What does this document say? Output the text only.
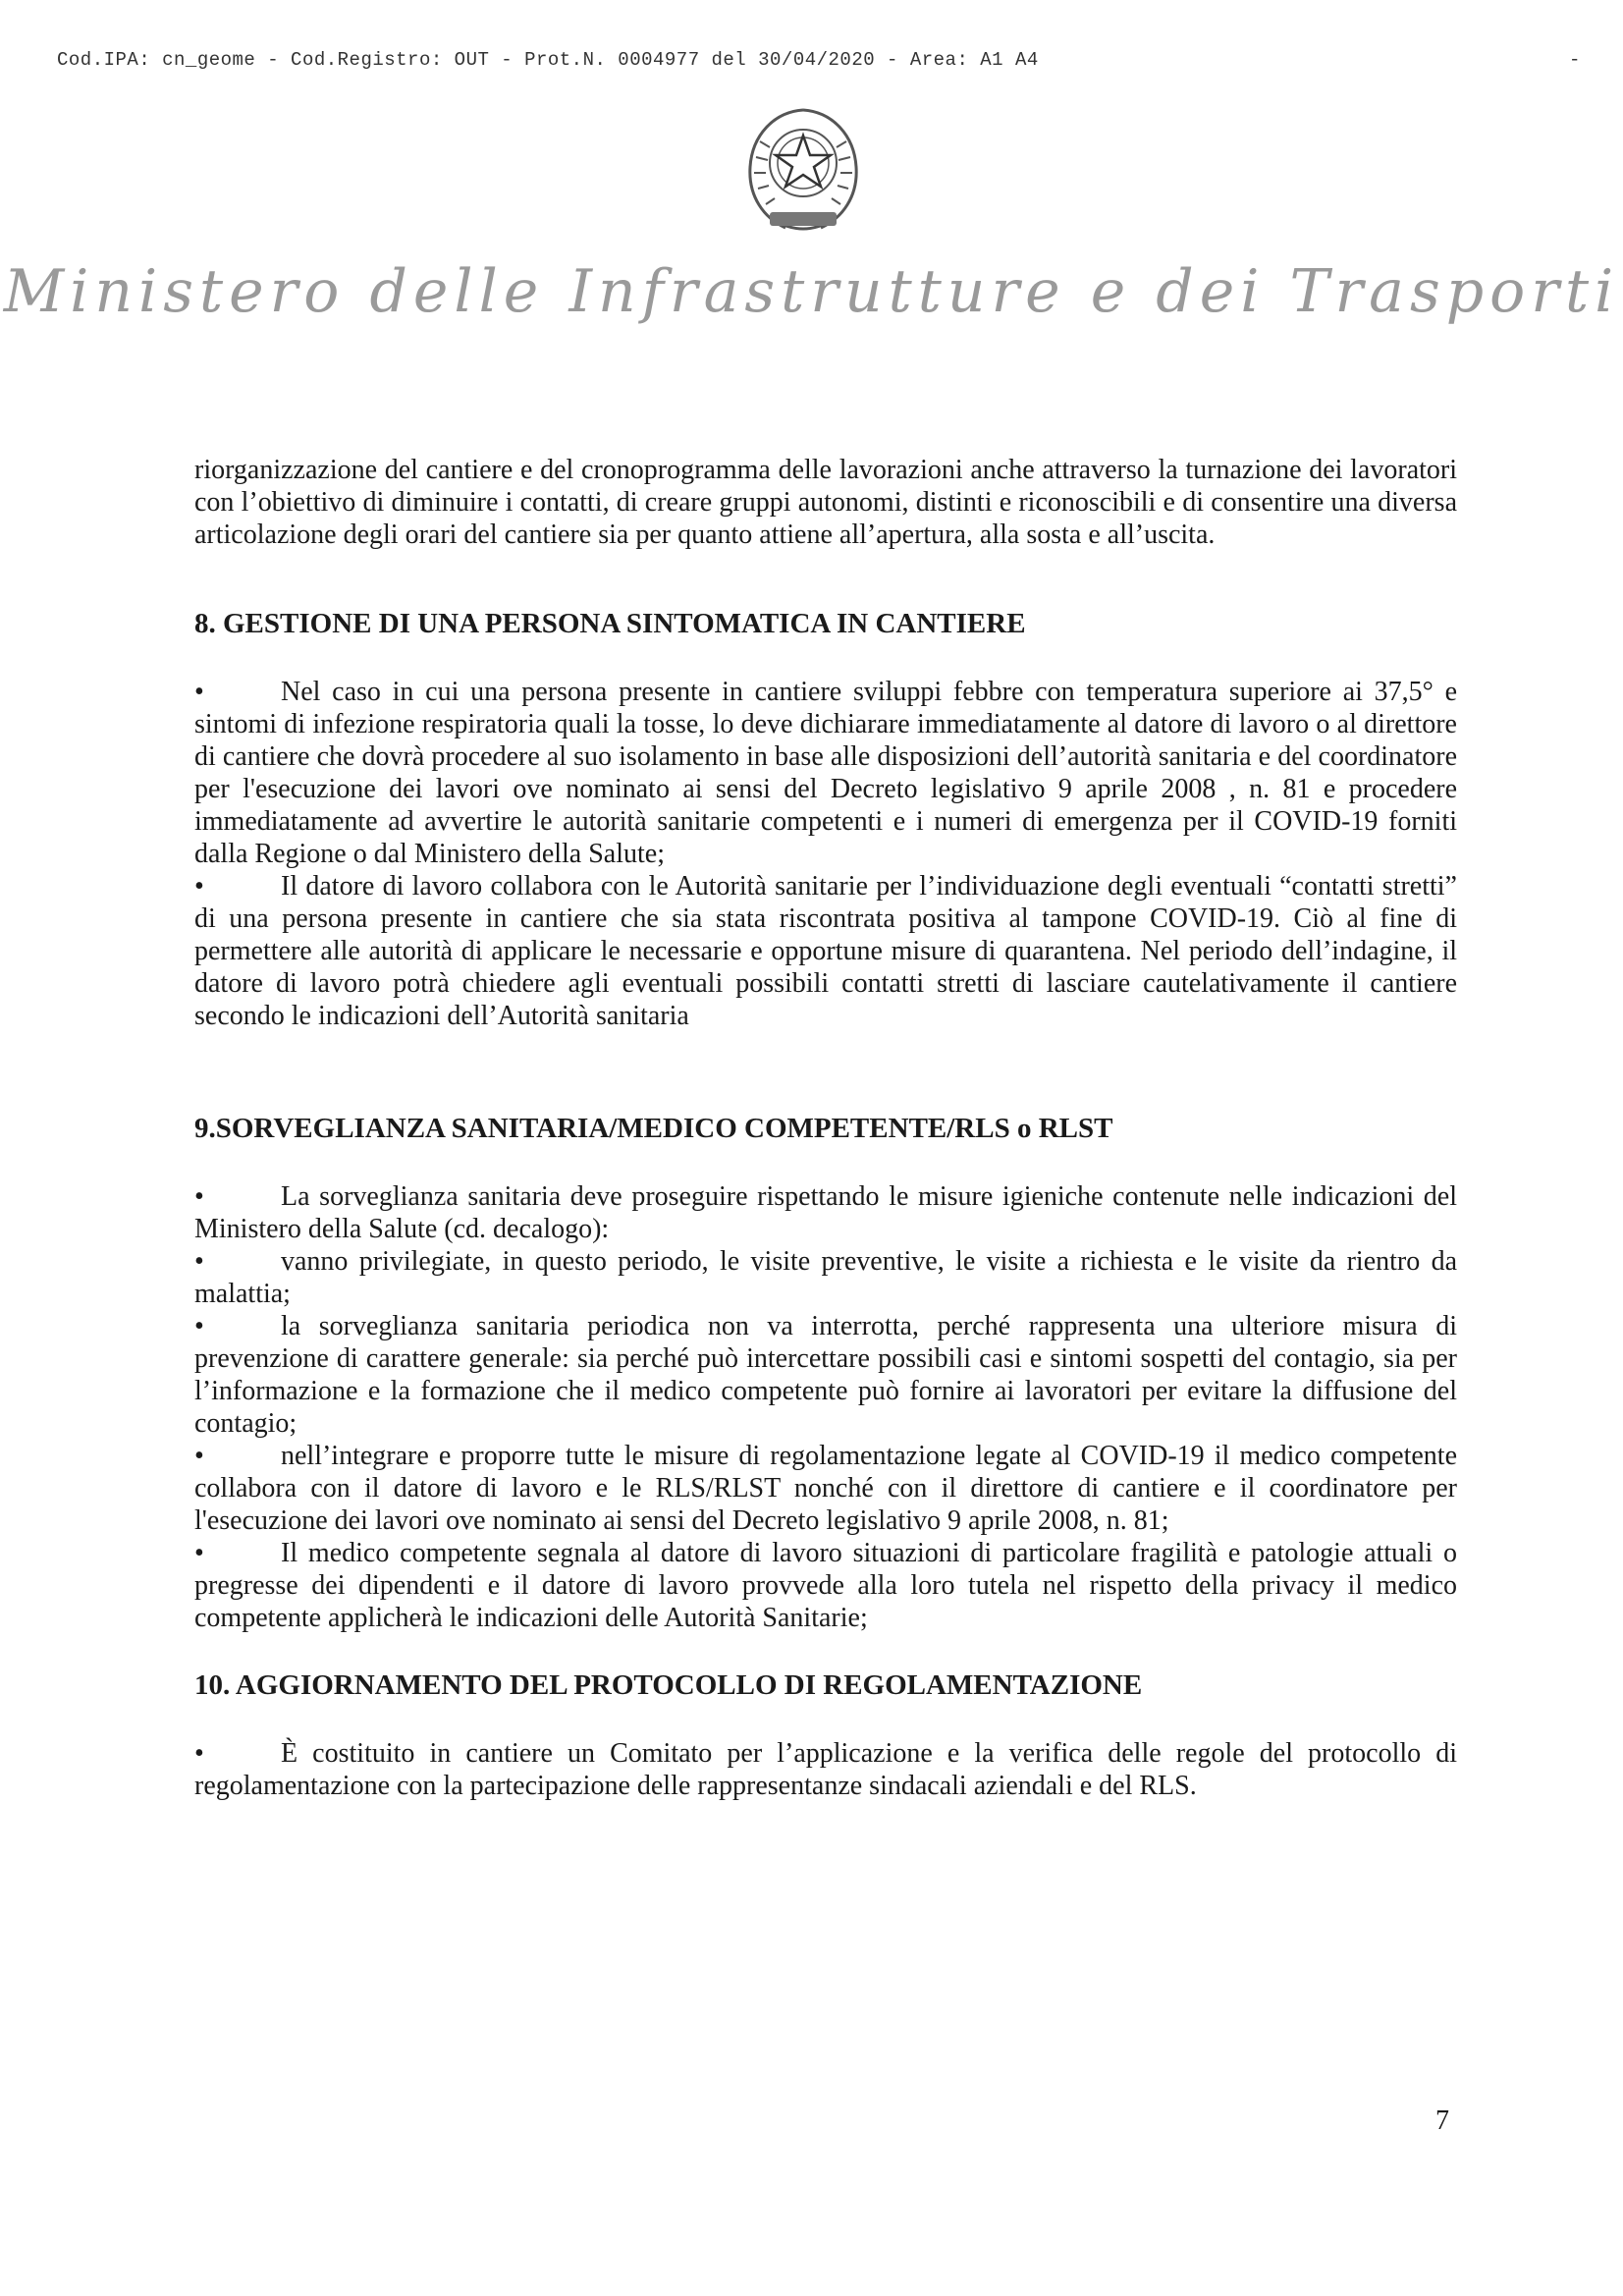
Cod.IPA: cn_geome - Cod.Registro: OUT - Prot.N. 0004977 del 30/04/2020 - Area: A1 A4	-
Ministero delle Infrastrutture e dei Trasporti

riorganizzazione del cantiere e del cronoprogramma delle lavorazioni anche attraverso la turnazione dei lavoratori con l’obiettivo di diminuire i contatti, di creare gruppi autonomi, distinti e riconoscibili e di consentire una diversa articolazione degli orari del cantiere sia per quanto attiene all’apertura, alla sosta e all’uscita.

8. GESTIONE DI UNA PERSONA SINTOMATICA IN CANTIERE

•	Nel caso in cui una persona presente in cantiere sviluppi febbre con temperatura superiore ai 37,5° e sintomi di infezione respiratoria quali la tosse, lo deve dichiarare immediatamente al datore di lavoro o al direttore di cantiere che dovrà procedere al suo isolamento in base alle disposizioni dell’autorità sanitaria e del coordinatore per l'esecuzione dei lavori ove nominato ai sensi del Decreto legislativo 9 aprile 2008 , n. 81 e procedere immediatamente ad avvertire le autorità sanitarie competenti e i numeri di emergenza per il COVID-19 forniti dalla Regione o dal Ministero della Salute;

•	Il datore di lavoro collabora con le Autorità sanitarie per l’individuazione degli eventuali “contatti stretti” di una persona presente in cantiere che sia stata riscontrata positiva al tampone COVID-19. Ciò al fine di permettere alle autorità di applicare le necessarie e opportune misure di quarantena. Nel periodo dell’indagine, il datore di lavoro potrà chiedere agli eventuali possibili contatti stretti di lasciare cautelativamente il cantiere secondo le indicazioni dell’Autorità sanitaria

9.SORVEGLIANZA SANITARIA/MEDICO COMPETENTE/RLS o RLST

•	La sorveglianza sanitaria deve proseguire rispettando le misure igieniche contenute nelle indicazioni del Ministero della Salute (cd. decalogo):

•	vanno privilegiate, in questo periodo, le visite preventive, le visite a richiesta e le visite da rientro da malattia;

•	la sorveglianza sanitaria periodica non va interrotta, perché rappresenta una ulteriore misura di prevenzione di carattere generale: sia perché può intercettare possibili casi e sintomi sospetti del contagio, sia per l’informazione e la formazione che il medico competente può fornire ai lavoratori per evitare la diffusione del contagio;

•	nell’integrare e proporre tutte le misure di regolamentazione legate al COVID-19 il medico competente collabora con il datore di lavoro e le RLS/RLST nonché con il direttore di cantiere e il coordinatore per l'esecuzione dei lavori ove nominato ai sensi del Decreto legislativo 9 aprile 2008, n. 81;

•	Il medico competente segnala al datore di lavoro situazioni di particolare fragilità e patologie attuali o pregresse dei dipendenti e il datore di lavoro provvede alla loro tutela nel rispetto della privacy il medico competente applicherà le indicazioni delle Autorità Sanitarie;

10. AGGIORNAMENTO DEL PROTOCOLLO DI REGOLAMENTAZIONE

•	È costituito in cantiere un Comitato per l’applicazione e la verifica delle regole del protocollo di regolamentazione con la partecipazione delle rappresentanze sindacali aziendali e del RLS.

7
